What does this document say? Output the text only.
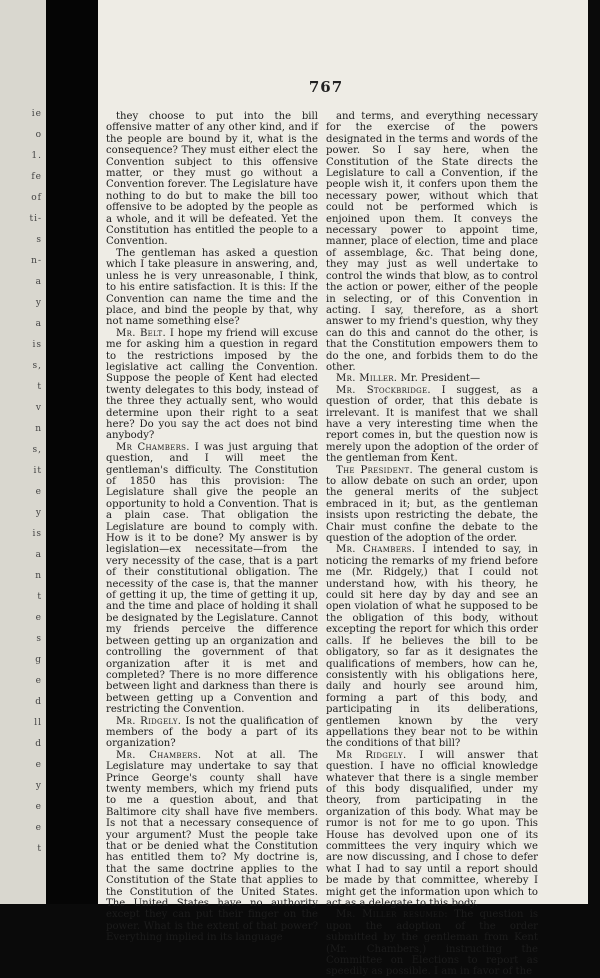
ie
o
1.
fe
of
ti-
s
n-
a
y
a
is
s,
t
v
n
s,
it
e
y
is
a
n
t
e
s
g
e
d
ll
d
e
y
e
e
t
767

they choose to put into the bill offensive matter of any other kind, and if the people are bound by it, what is the consequence? They must either elect the Convention subject to this offensive matter, or they must go without a Convention forever. The Legislature have nothing to do but to make the bill too offensive to be adopted by the people as a whole, and it will be defeated. Yet the Constitution has entitled the people to a Convention.

The gentleman has asked a question which I take pleasure in answering, and, unless he is very unreasonable, I think, to his entire satisfaction. It is this: If the Convention can name the time and the place, and bind the people by that, why not name something else?

Mr. Belt. I hope my friend will excuse me for asking him a question in regard to the restrictions imposed by the legislative act calling the Convention. Suppose the people of Kent had elected twenty delegates to this body, instead of the three they actually sent, who would determine upon their right to a seat here? Do you say the act does not bind anybody?

Mr Chambers. I was just arguing that question, and I will meet the gentleman's difficulty. The Constitution of 1850 has this provision: The Legislature shall give the people an opportunity to hold a Convention. That is a plain case. That obligation the Legislature are bound to comply with. How is it to be done? My answer is by legislation—ex necessitate—from the very necessity of the case, that is a part of their constitutional obligation. The necessity of the case is, that the manner of getting it up, the time of getting it up, and the time and place of holding it shall be designated by the Legislature. Cannot my friends perceive the difference between getting up an organization and controlling the government of that organization after it is met and completed? There is no more difference between light and darkness than there is between getting up a Convention and restricting the Convention.

Mr. Ridgely. Is not the qualification of members of the body a part of its organization?

Mr. Chambers. Not at all. The Legislature may undertake to say that Prince George's county shall have twenty members, which my friend puts to me a question about, and that Baltimore city shall have five members. Is not that a necessary consequence of your argument? Must the people take that or be denied what the Constitution has entitled them to? My doctrine is, that the same doctrine applies to the Constitution of the State that applies to the Constitution of the United States. The United States have no authority except they can put their finger on the power. What is the extent of that power? Everything implied in its language

and terms, and everything necessary for the exercise of the powers designated in the terms and words of the power. So I say here, when the Constitution of the State directs the Legislature to call a Convention, if the people wish it, it confers upon them the necessary power, without which that could not be performed which is enjoined upon them. It conveys the necessary power to appoint time, manner, place of election, time and place of assemblage, &c. That being done, they may just as well undertake to control the winds that blow, as to control the action or power, either of the people in selecting, or of this Convention in acting. I say, therefore, as a short answer to my friend's question, why they can do this and cannot do the other, is that the Constitution empowers them to do the one, and forbids them to do the other.

Mr. Miller. Mr. President—

Mr. Stockbridge. I suggest, as a question of order, that this debate is irrelevant. It is manifest that we shall have a very interesting time when the report comes in, but the question now is merely upon the adoption of the order of the gentleman from Kent.

The President. The general custom is to allow debate on such an order, upon the general merits of the subject embraced in it; but, as the gentleman insists upon restricting the debate, the Chair must confine the debate to the question of the adoption of the order.

Mr. Chambers. I intended to say, in noticing the remarks of my friend before me (Mr. Ridgely,) that I could not understand how, with his theory, he could sit here day by day and see an open violation of what he supposed to be the obligation of this body, without excepting the report for which this order calls. If he believes the bill to be obligatory, so far as it designates the qualifications of members, how can he, consistently with his obligations here, daily and hourly see around him, forming a part of this body, and participating in its deliberations, gentlemen known by the very appellations they bear not to be within the conditions of that bill?

Mr Ridgely. I will answer that question. I have no official knowledge whatever that there is a single member of this body disqualified, under my theory, from participating in the organization of this body. What may be rumor is not for me to go upon. This House has devolved upon one of its committees the very inquiry which we are now discussing, and I chose to defer what I had to say until a report should be made by that committee, whereby I might get the information upon which to act as a delegate to this body.

Mr. Miller resumed: The question is upon the adoption of the order submitted by the gentleman from Kent (Mr. Chambers,) instructing the Committee on Elections to report as speedily as possible. I am in favor of the
